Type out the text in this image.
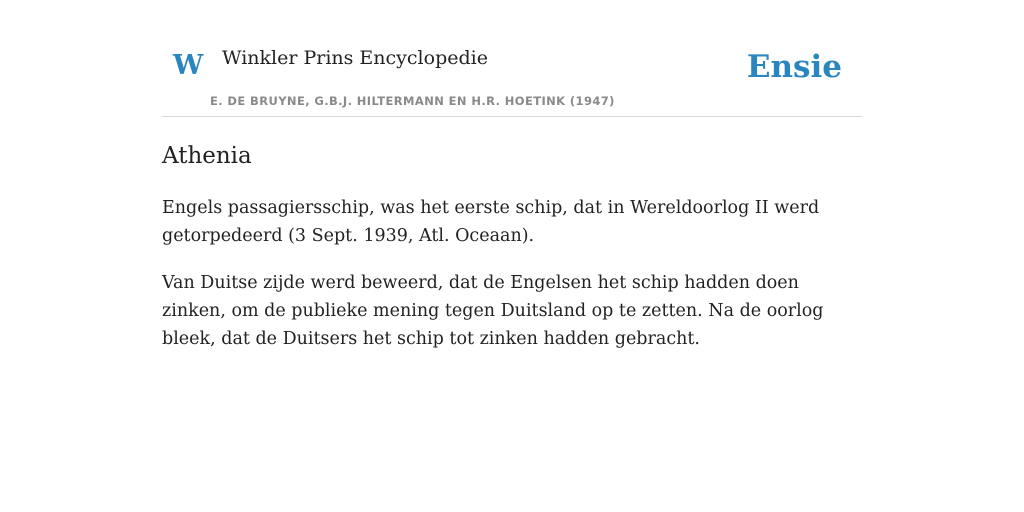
W Winkler Prins Encyclopedie
E. DE BRUYNE, G.B.J. HILTERMANN EN H.R. HOETINK (1947)
Ensie
Athenia

Engels passagiersschip, was het eerste schip, dat in Wereldoorlog II werd getorpedeerd (3 Sept. 1939, Atl. Oceaan).

Van Duitse zijde werd beweerd, dat de Engelsen het schip hadden doen zinken, om de publieke mening tegen Duitsland op te zetten. Na de oorlog bleek, dat de Duitsers het schip tot zinken hadden gebracht.
